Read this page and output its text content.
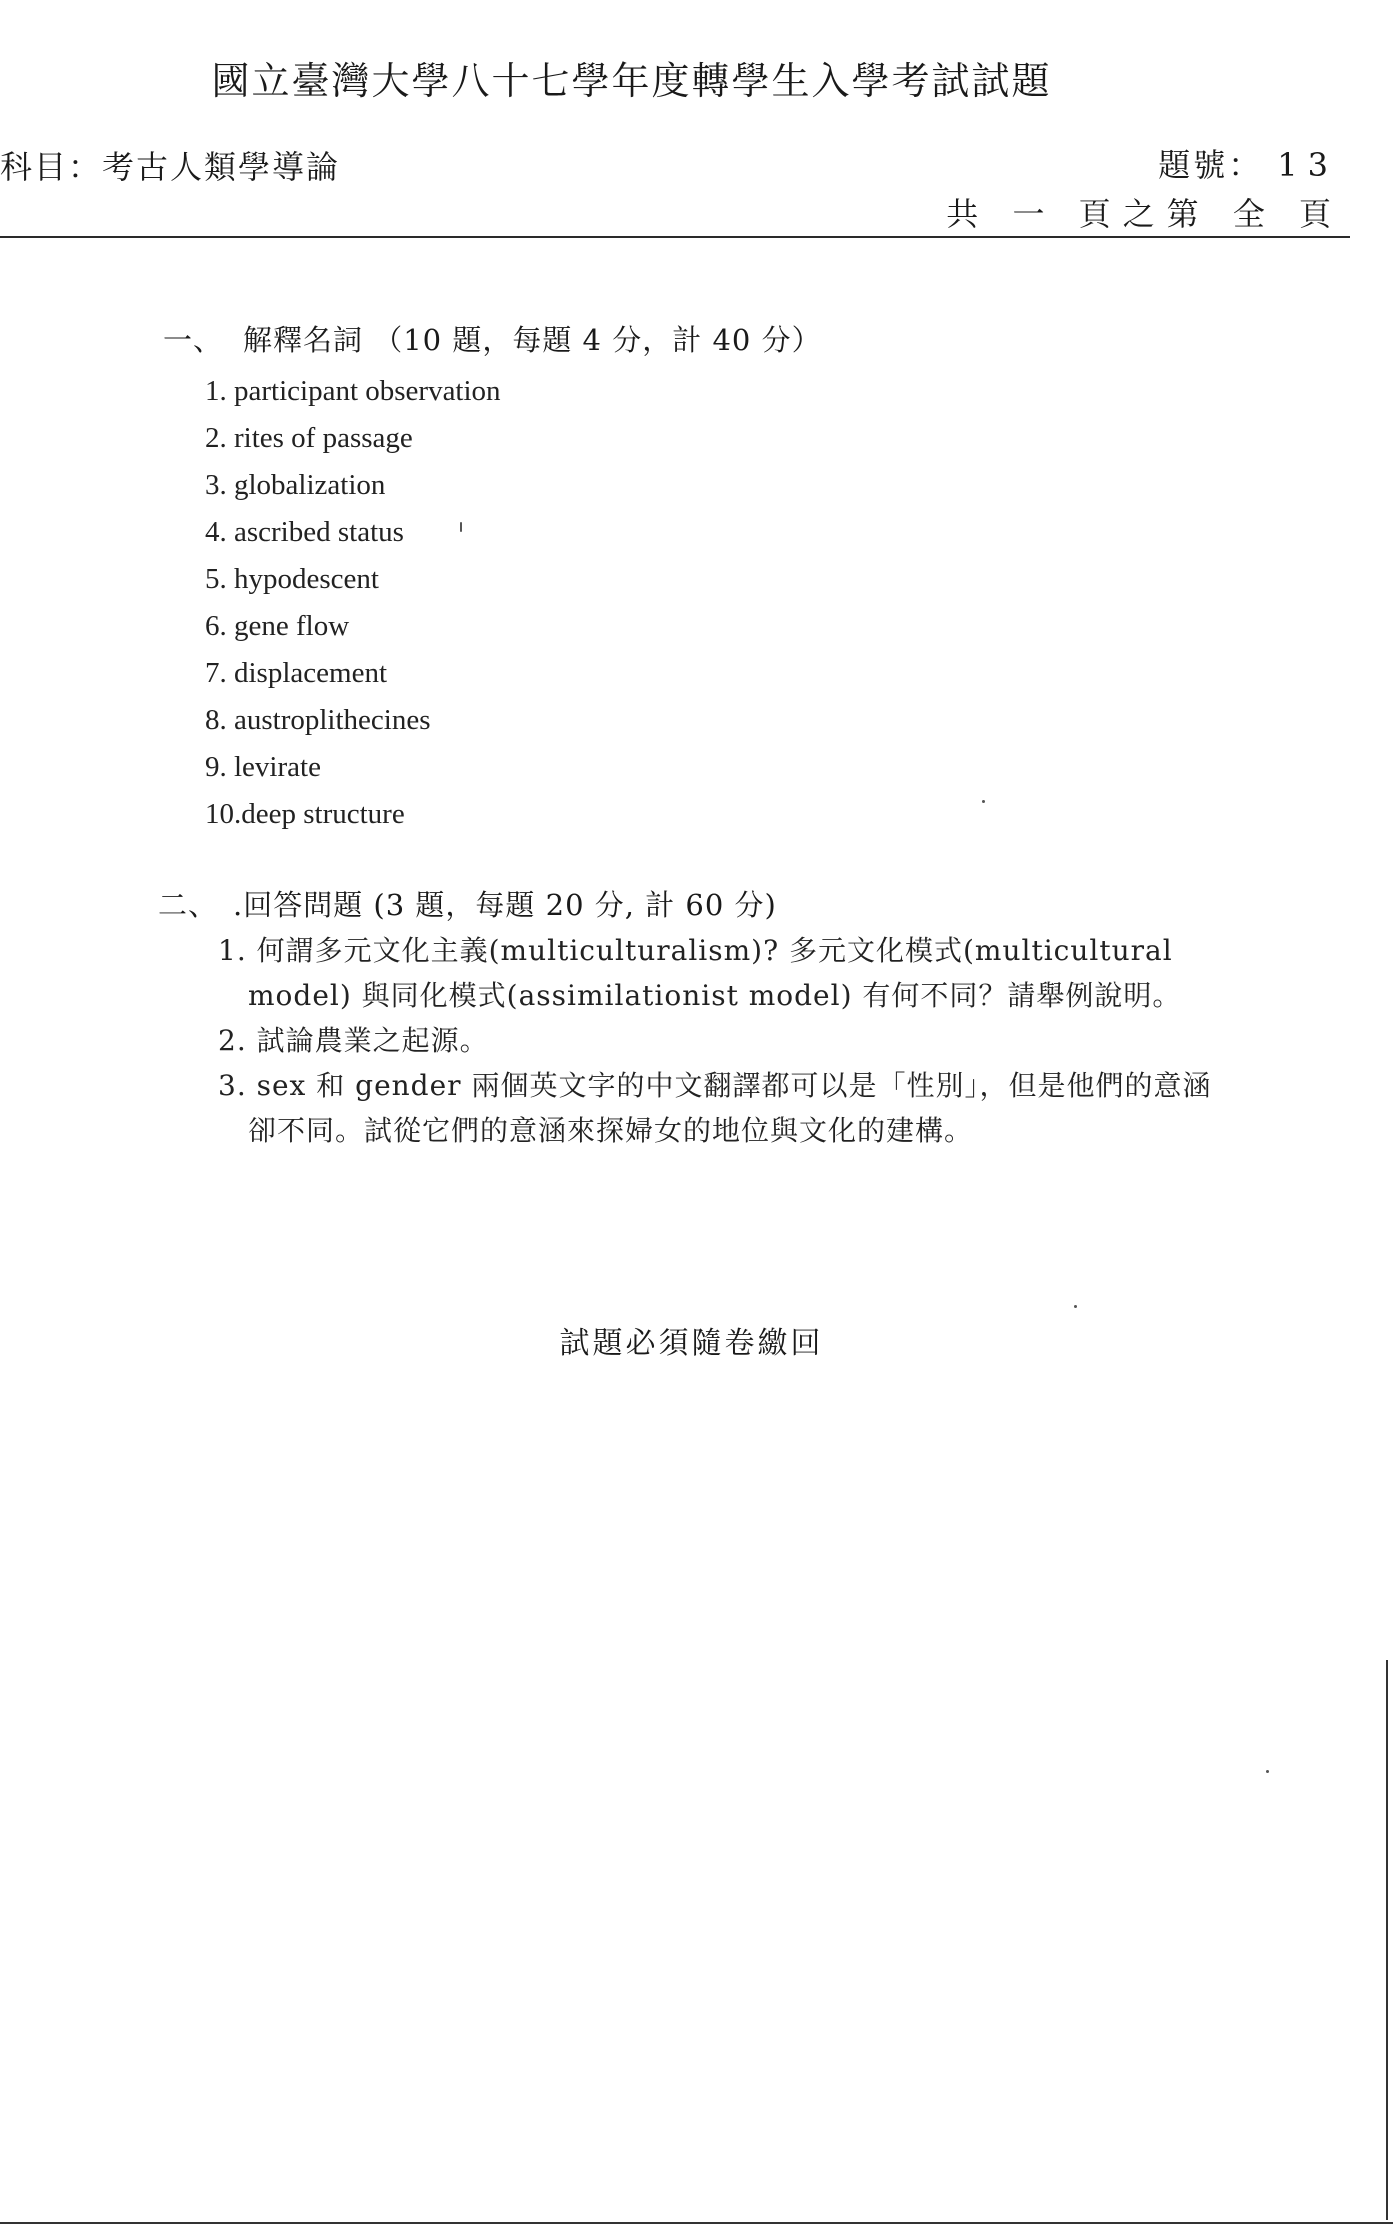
國立臺灣大學八十七學年度轉學生入學考試試題
科目：考古人類學導論	題號： 13
共 一 頁之第 全 頁
一、 解釋名詞 （10 題，每題 4 分，計 40 分）
1. participant observation
2. rites of passage
3. globalization
4. ascribed status
5. hypodescent
6. gene flow
7. displacement
8. austroplithecines
9. levirate
10.deep structure
二、 .回答問題 (3 題，每題 20 分, 計 60 分)
1. 何謂多元文化主義(multiculturalism)? 多元文化模式(multicultural
model) 與同化模式(assimilationist model) 有何不同？請舉例說明。
2. 試論農業之起源。
3. sex 和 gender 兩個英文字的中文翻譯都可以是「性別」，但是他們的意涵
卻不同。試從它們的意涵來探婦女的地位與文化的建構。
試題必須隨卷繳回
